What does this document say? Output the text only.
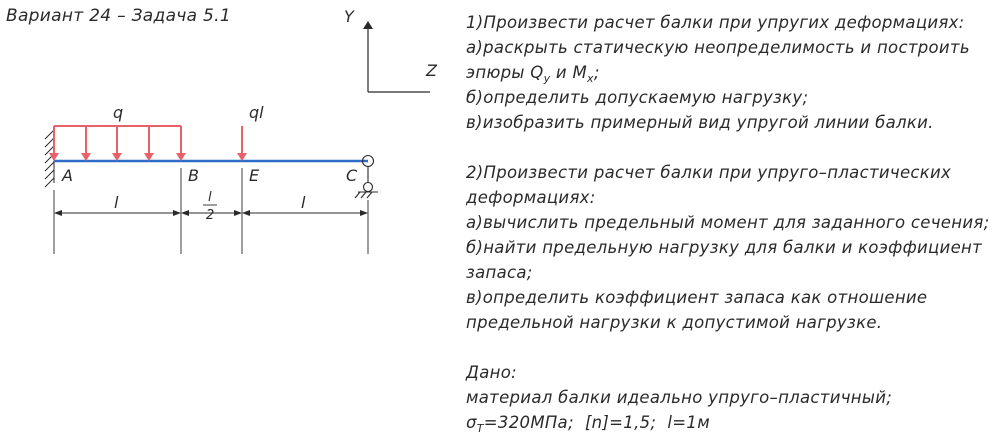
Вариант 24 – Задача 5.1	Y
Z
q	ql
A	B	E	C
l	l
2
l
1)Произвести расчет балки при упругих деформациях:
а)раскрыть статическую неопределимость и построить
эпюры $Q_y$ и $M_x$;
б)определить допускаемую нагрузку;
в)изобразить примерный вид упругой линии балки.
2)Произвести расчет балки при упруго–пластических
деформациях:
а)вычислить предельный момент для заданного сечения;
б)найти предельную нагрузку для балки и коэффициент
запаса;
в)определить коэффициент запаса как отношение
предельной нагрузки к допустимой нагрузке.
Дано:
материал балки идеально упруго–пластичный;
$\sigma_Т=320МПа$; [n]=1,5; l=1м
